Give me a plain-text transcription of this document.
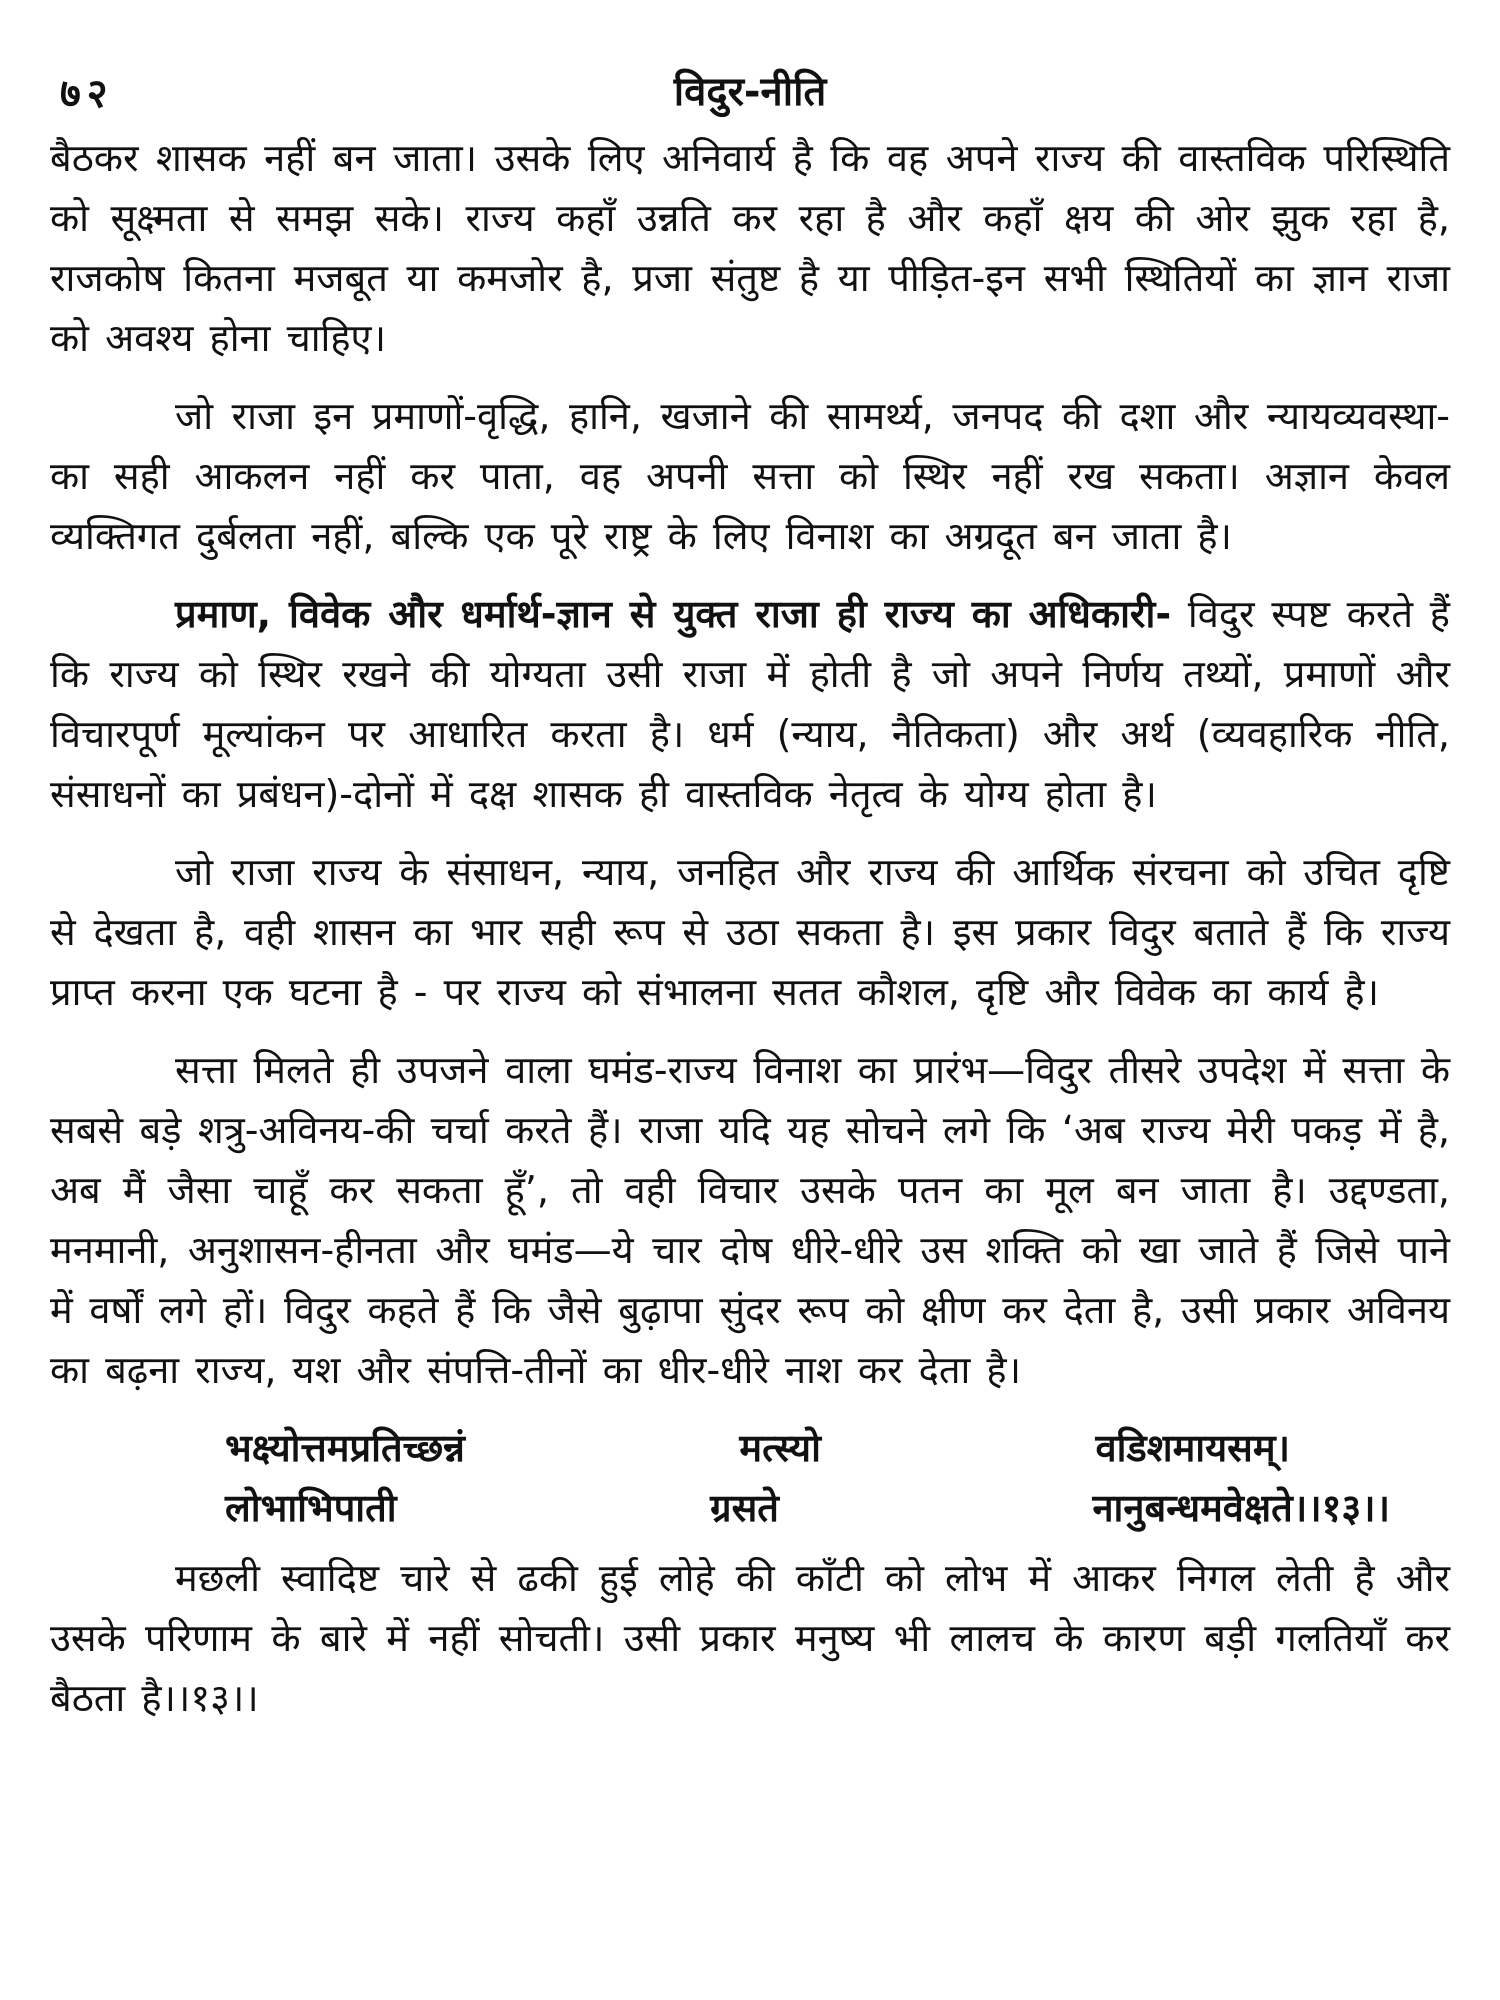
७२	विदुर-नीति

बैठकर शासक नहीं बन जाता। उसके लिए अनिवार्य है कि वह अपने राज्य की वास्तविक परिस्थिति को सूक्ष्मता से समझ सके। राज्य कहाँ उन्नति कर रहा है और कहाँ क्षय की ओर झुक रहा है, राजकोष कितना मजबूत या कमजोर है, प्रजा संतुष्ट है या पीड़ित-इन सभी स्थितियों का ज्ञान राजा को अवश्य होना चाहिए।

जो राजा इन प्रमाणों-वृद्धि, हानि, खजाने की सामर्थ्य, जनपद की दशा और न्यायव्यवस्था-का सही आकलन नहीं कर पाता, वह अपनी सत्ता को स्थिर नहीं रख सकता। अज्ञान केवल व्यक्तिगत दुर्बलता नहीं, बल्कि एक पूरे राष्ट्र के लिए विनाश का अग्रदूत बन जाता है।

प्रमाण, विवेक और धर्मार्थ-ज्ञान से युक्त राजा ही राज्य का अधिकारी- विदुर स्पष्ट करते हैं कि राज्य को स्थिर रखने की योग्यता उसी राजा में होती है जो अपने निर्णय तथ्यों, प्रमाणों और विचारपूर्ण मूल्यांकन पर आधारित करता है। धर्म (न्याय, नैतिकता) और अर्थ (व्यवहारिक नीति, संसाधनों का प्रबंधन)-दोनों में दक्ष शासक ही वास्तविक नेतृत्व के योग्य होता है।

जो राजा राज्य के संसाधन, न्याय, जनहित और राज्य की आर्थिक संरचना को उचित दृष्टि से देखता है, वही शासन का भार सही रूप से उठा सकता है। इस प्रकार विदुर बताते हैं कि राज्य प्राप्त करना एक घटना है - पर राज्य को संभालना सतत कौशल, दृष्टि और विवेक का कार्य है।

सत्ता मिलते ही उपजने वाला घमंड-राज्य विनाश का प्रारंभ—विदुर तीसरे उपदेश में सत्ता के सबसे बड़े शत्रु-अविनय-की चर्चा करते हैं। राजा यदि यह सोचने लगे कि ‘अब राज्य मेरी पकड़ में है, अब मैं जैसा चाहूँ कर सकता हूँ’, तो वही विचार उसके पतन का मूल बन जाता है। उद्दण्डता, मनमानी, अनुशासन-हीनता और घमंड—ये चार दोष धीरे-धीरे उस शक्ति को खा जाते हैं जिसे पाने में वर्षों लगे हों। विदुर कहते हैं कि जैसे बुढ़ापा सुंदर रूप को क्षीण कर देता है, उसी प्रकार अविनय का बढ़ना राज्य, यश और संपत्ति-तीनों का धीर-धीरे नाश कर देता है।

भक्ष्योत्तमप्रतिच्छन्नं	मत्स्यो	वडिशमायसम्।
लोभाभिपाती	ग्रसते	नानुबन्धमवेक्षते।।१३।।

मछली स्वादिष्ट चारे से ढकी हुई लोहे की काँटी को लोभ में आकर निगल लेती है और उसके परिणाम के बारे में नहीं सोचती। उसी प्रकार मनुष्य भी लालच के कारण बड़ी गलतियाँ कर बैठता है।।१३।।
